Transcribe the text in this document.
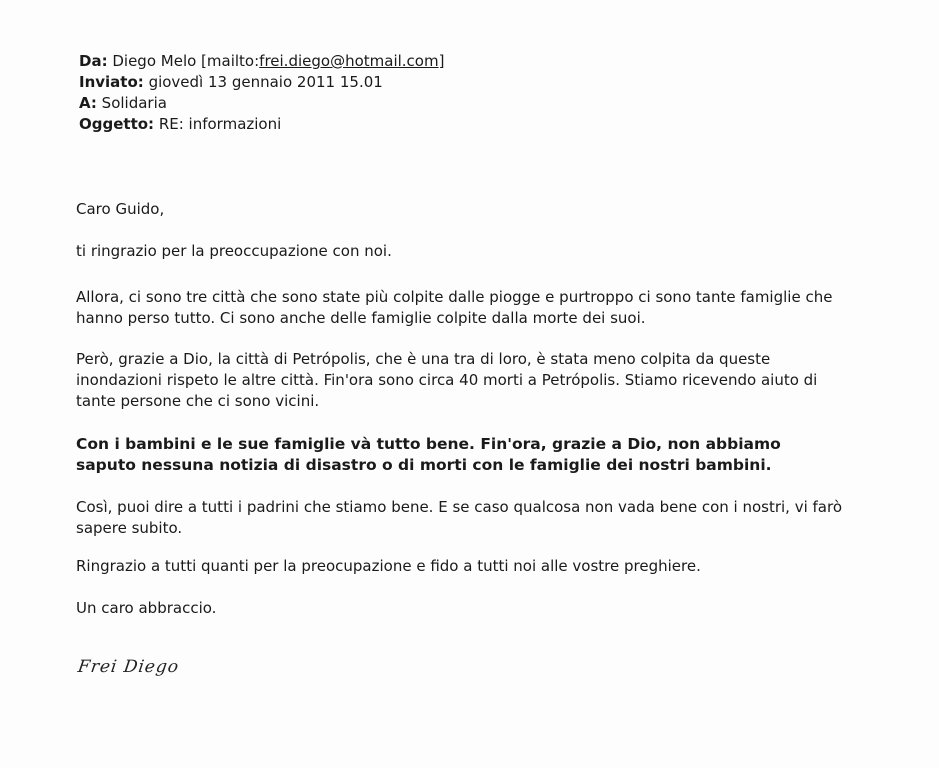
Da: Diego Melo [mailto:frei.diego@hotmail.com]
Inviato: giovedì 13 gennaio 2011 15.01
A: Solidaria
Oggetto: RE: informazioni

Caro Guido,

ti ringrazio per la preoccupazione con noi.

Allora, ci sono tre città che sono state più colpite dalle piogge e purtroppo ci sono tante famiglie che hanno perso tutto. Ci sono anche delle famiglie colpite dalla morte dei suoi.

Però, grazie a Dio, la città di Petrópolis, che è una tra di loro, è stata meno colpita da queste inondazioni rispeto le altre città. Fin'ora sono circa 40 morti a Petrópolis. Stiamo ricevendo aiuto di tante persone che ci sono vicini.

Con i bambini e le sue famiglie và tutto bene. Fin'ora, grazie a Dio, non abbiamo saputo nessuna notizia di disastro o di morti con le famiglie dei nostri bambini.

Così, puoi dire a tutti i padrini che stiamo bene. E se caso qualcosa non vada bene con i nostri, vi farò sapere subito.

Ringrazio a tutti quanti per la preocupazione e fido a tutti noi alle vostre preghiere.

Un caro abbraccio.

Frei Diego
